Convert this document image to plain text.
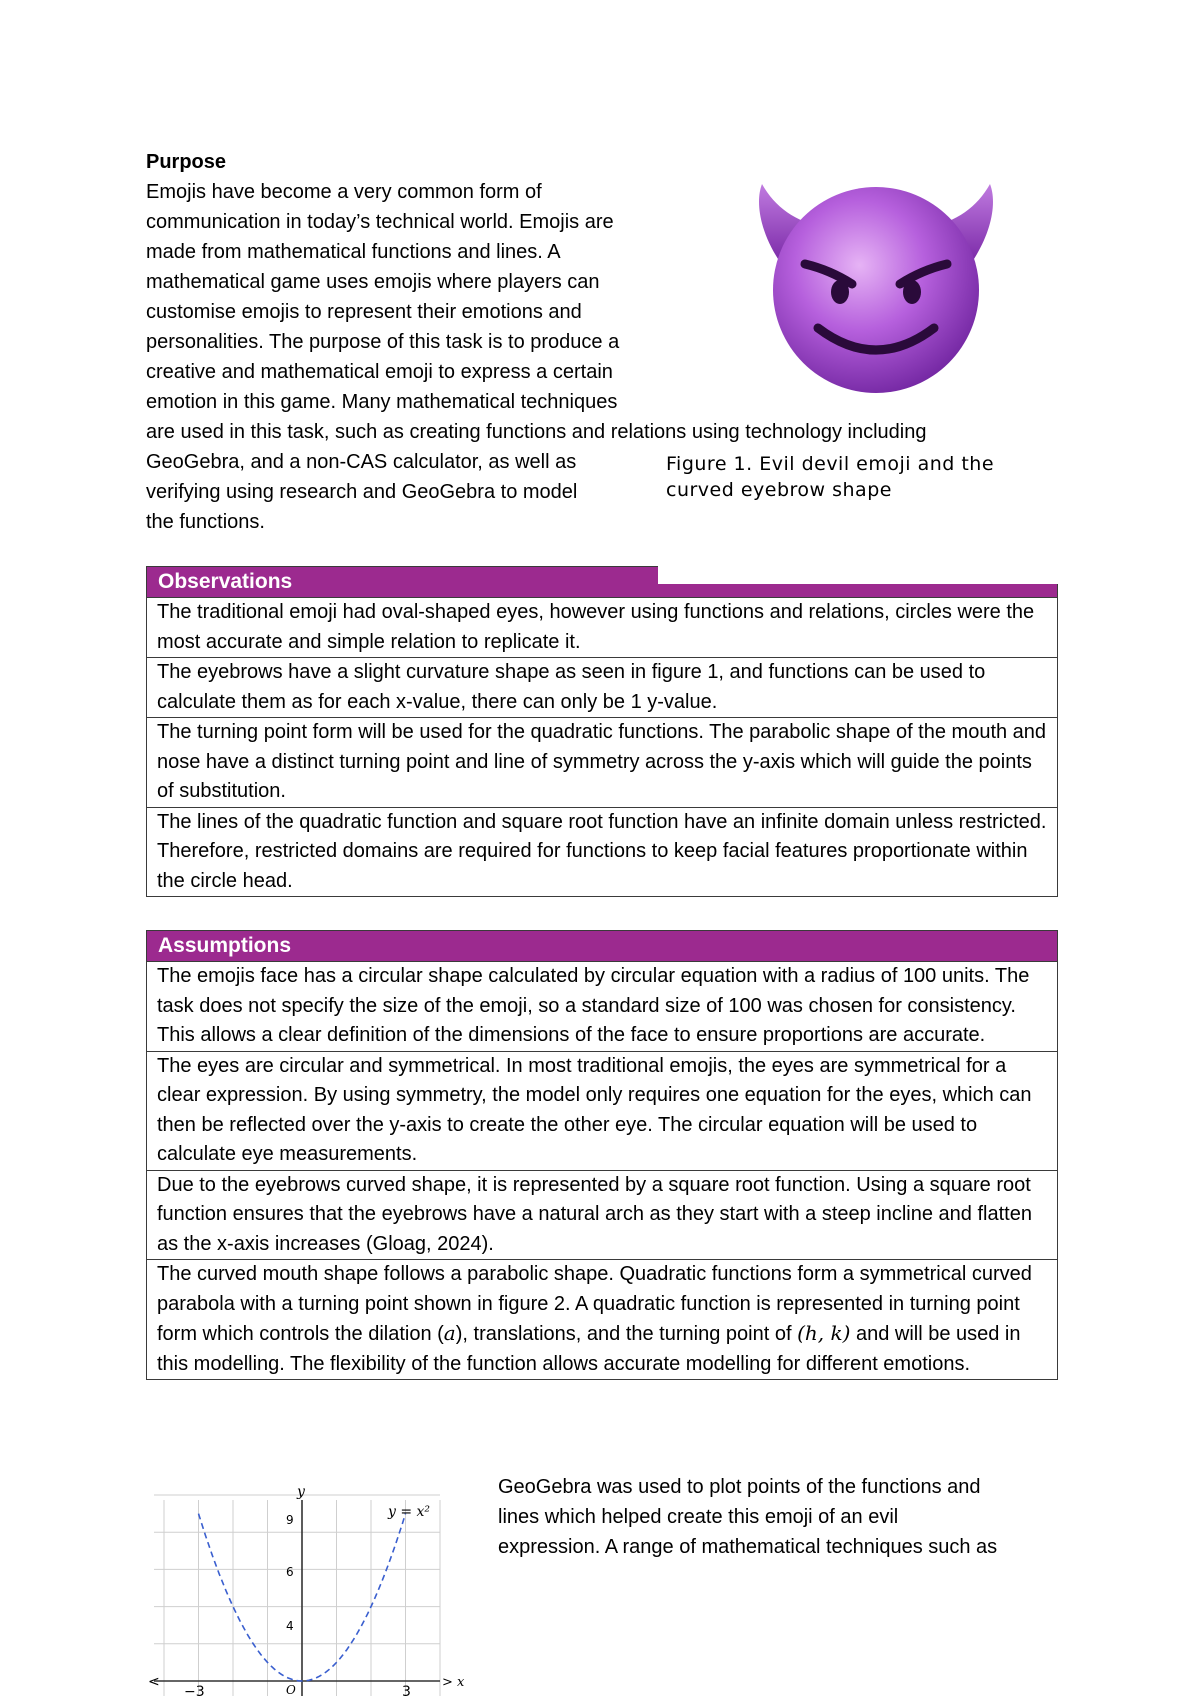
Purpose
Emojis have become a very common form of
communication in today’s technical world. Emojis are
made from mathematical functions and lines. A
mathematical game uses emojis where players can
customise emojis to represent their emotions and
personalities. The purpose of this task is to produce a
creative and mathematical emoji to express a certain
emotion in this game. Many mathematical techniques
are used in this task, such as creating functions and relations using technology including
GeoGebra, and a non-CAS calculator, as well as
verifying using research and GeoGebra to model
the functions.
Figure 1. Evil devil emoji and the
curved eyebrow shape
Observations
The traditional emoji had oval-shaped eyes, however using functions and relations, circles were the most accurate and simple relation to replicate it.
The eyebrows have a slight curvature shape as seen in figure 1, and functions can be used to calculate them as for each x-value, there can only be 1 y-value.
The turning point form will be used for the quadratic functions. The parabolic shape of the mouth and nose have a distinct turning point and line of symmetry across the y-axis which will guide the points of substitution.
The lines of the quadratic function and square root function have an infinite domain unless restricted. Therefore, restricted domains are required for functions to keep facial features proportionate within the circle head.
Assumptions
The emojis face has a circular shape calculated by circular equation with a radius of 100 units. The task does not specify the size of the emoji, so a standard size of 100 was chosen for consistency. This allows a clear definition of the dimensions of the face to ensure proportions are accurate.
The eyes are circular and symmetrical. In most traditional emojis, the eyes are symmetrical for a clear expression. By using symmetry, the model only requires one equation for the eyes, which can then be reflected over the y-axis to create the other eye. The circular equation will be used to calculate eye measurements.
Due to the eyebrows curved shape, it is represented by a square root function. Using a square root function ensures that the eyebrows have a natural arch as they start with a steep incline and flatten as the x-axis increases (Gloag, 2024).
The curved mouth shape follows a parabolic shape. Quadratic functions form a symmetrical curved parabola with a turning point shown in figure 2. A quadratic function is represented in turning point form which controls the dilation (a), translations, and the turning point of (h, k) and will be used in this modelling. The flexibility of the function allows accurate modelling for different emotions.
GeoGebra was used to plot points of the functions and
lines which helped create this emoji of an evil
expression. A range of mathematical techniques such as
y
y = x²
9
6
4
<	> x
O
−3	3
